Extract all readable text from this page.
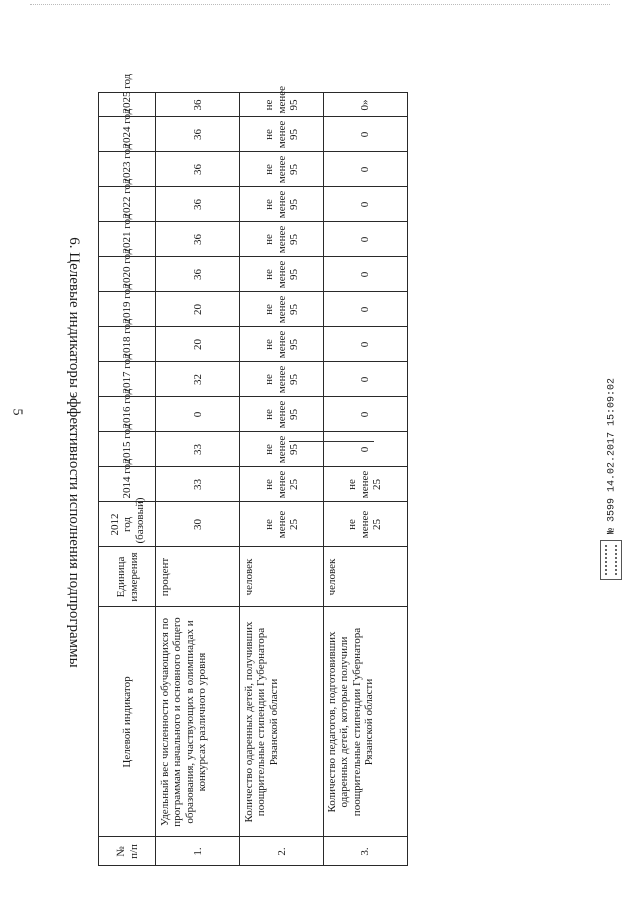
5	6. Целевые индикаторы эффективности исполнения подпрограммы
0»	0	0	0	0	0	0	0	0	0	0	не менее 25	не менее 25	человек	Количество педагогов, подготовивших одаренных детей, которые получили поощрительные стипендии Губернатора Рязанской области	3.
не менее 95	не менее 95	не менее 95	не менее 95	не менее 95	не менее 95	не менее 95	не менее 95	не менее 95	не менее 95	не менее 95	не менее 25	не менее 25	человек	Количество одаренных детей, получивших поощрительные стипендии Губернатора Рязанской области	2.
36	36	36	36	36	36	20	20	32	0	33	33	30	процент	Удельный вес численности обучающихся по программам начального и основного общего образования, участвующих в олимпиадах и конкурсах различного уровня	1.
2025 год	2024 год	2023 год	2022 год	2021 год	2020 год	2019 год	2018 год	2017 год	2016 год	2015 год	2014 год	2012 год (базовый)	Единица измерения	Целевой индикатор	№ п/п
№ 3599 14.02.2017 15:09:02
